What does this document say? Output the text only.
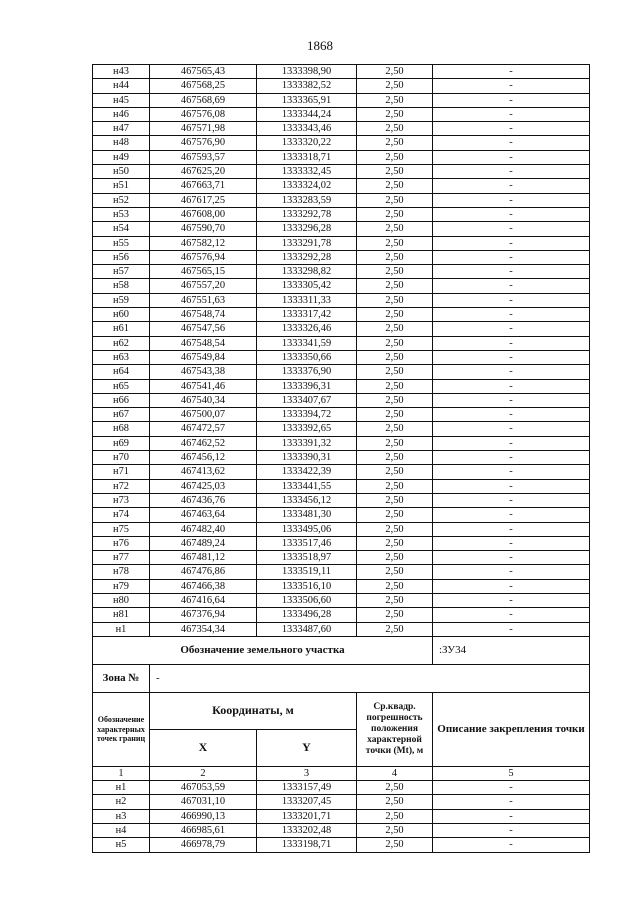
1868
н43	467565,43	1333398,90	2,50	-
н44	467568,25	1333382,52	2,50	-
н45	467568,69	1333365,91	2,50	-
н46	467576,08	1333344,24	2,50	-
н47	467571,98	1333343,46	2,50	-
н48	467576,90	1333320,22	2,50	-
н49	467593,57	1333318,71	2,50	-
н50	467625,20	1333332,45	2,50	-
н51	467663,71	1333324,02	2,50	-
н52	467617,25	1333283,59	2,50	-
н53	467608,00	1333292,78	2,50	-
н54	467590,70	1333296,28	2,50	-
н55	467582,12	1333291,78	2,50	-
н56	467576,94	1333292,28	2,50	-
н57	467565,15	1333298,82	2,50	-
н58	467557,20	1333305,42	2,50	-
н59	467551,63	1333311,33	2,50	-
н60	467548,74	1333317,42	2,50	-
н61	467547,56	1333326,46	2,50	-
н62	467548,54	1333341,59	2,50	-
н63	467549,84	1333350,66	2,50	-
н64	467543,38	1333376,90	2,50	-
н65	467541,46	1333396,31	2,50	-
н66	467540,34	1333407,67	2,50	-
н67	467500,07	1333394,72	2,50	-
н68	467472,57	1333392,65	2,50	-
н69	467462,52	1333391,32	2,50	-
н70	467456,12	1333390,31	2,50	-
н71	467413,62	1333422,39	2,50	-
н72	467425,03	1333441,55	2,50	-
н73	467436,76	1333456,12	2,50	-
н74	467463,64	1333481,30	2,50	-
н75	467482,40	1333495,06	2,50	-
н76	467489,24	1333517,46	2,50	-
н77	467481,12	1333518,97	2,50	-
н78	467476,86	1333519,11	2,50	-
н79	467466,38	1333516,10	2,50	-
н80	467416,64	1333506,60	2,50	-
н81	467376,94	1333496,28	2,50	-
н1	467354,34	1333487,60	2,50	-
Обозначение земельного участка				:ЗУ34
Зона №	-			
Обозначение характерных точек границ	Координаты, м		Ср.квадр. погрешность положения характерной точки (Mt), м	Описание закрепления точки
	X	Y		
1	2	3	4	5
н1	467053,59	1333157,49	2,50	-
н2	467031,10	1333207,45	2,50	-
н3	466990,13	1333201,71	2,50	-
н4	466985,61	1333202,48	2,50	-
н5	466978,79	1333198,71	2,50	-
